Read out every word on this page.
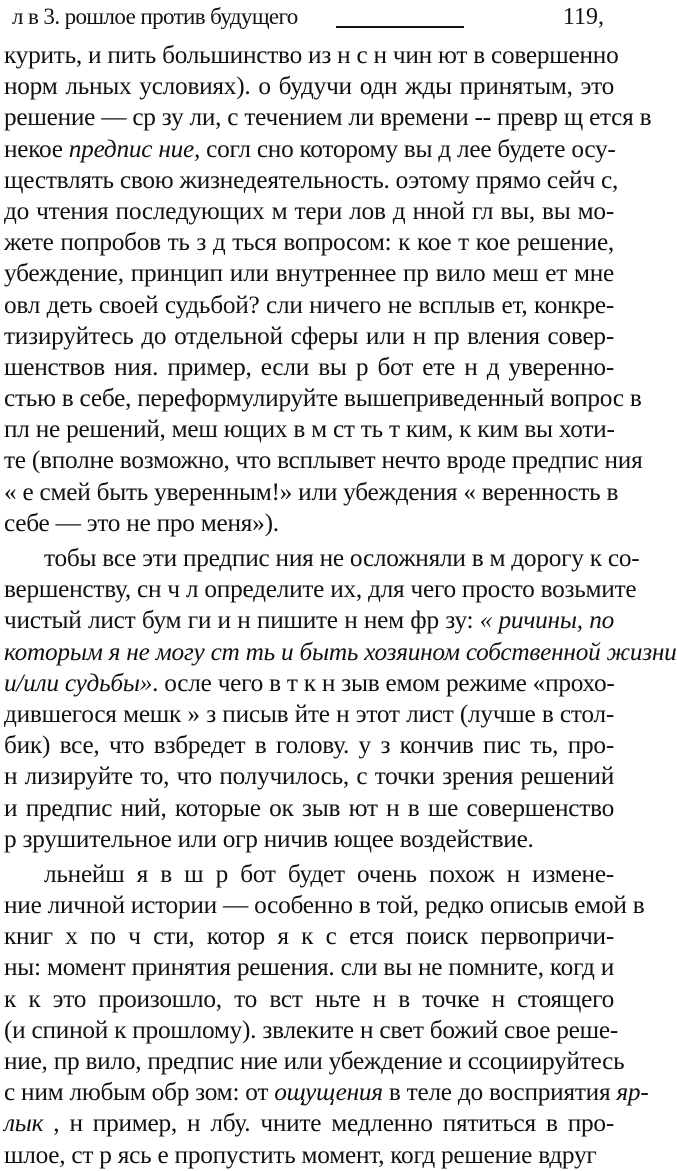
л в 3. рошлое против будущего	119,
курить, и пить большинство из н с н чин ют в совершенно
норм льных условиях). о будучи одн жды принятым, это
решение — ср зу ли, с течением ли времени -- превр щ ется в
некое предпис ние, согл сно которому вы д лее будете осу-
ществлять свою жизнедеятельность. оэтому прямо сейч с,
до чтения последующих м тери лов д нной гл вы, вы мо-
жете попробов ть з д ться вопросом: к кое т кое решение,
убеждение, принцип или внутреннее пр вило меш ет мне
овл деть своей судьбой? сли ничего не всплыв ет, конкре-
тизируйтесь до отдельной сферы или н пр вления совер-
шенствов ния. пример, если вы р бот ете н д уверенно-
стью в себе, переформулируйте вышеприведенный вопрос в
пл не решений, меш ющих в м ст ть т ким, к ким вы хоти-
те (вполне возможно, что всплывет нечто вроде предпис ния
« е смей быть уверенным!» или убеждения « веренность в
себе — это не про меня»).
тобы все эти предпис ния не осложняли в м дорогу к со-
вершенству, сн ч л определите их, для чего просто возьмите
чистый лист бум ги и н пишите н нем фр зу: « ричины, по
которым я не могу ст ть и быть хозяином собственной жизни
и/или судьбы». осле чего в т к н зыв емом режиме «прохо-
дившегося мешк » з писыв йте н этот лист (лучше в стол-
бик) все, что взбредет в голову. у з кончив пис ть, про-
н лизируйте то, что получилось, с точки зрения решений
и предпис ний, которые ок зыв ют н в ше совершенство
р зрушительное или огр ничив ющее воздействие.
льнейш я в ш р бот будет очень похож н измене-
ние личной истории — особенно в той, редко описыв емой в
книг х по ч сти, котор я к с ется поиск первопричи-
ны: момент принятия решения. сли вы не помните, когд и
к к это произошло, то вст ньте н в точке н стоящего
(и спиной к прошлому). звлеките н свет божий свое реше-
ние, пр вило, предпис ние или убеждение и ссоциируйтесь
с ним любым обр зом: от ощущения в теле до восприятия яр-
лык , н пример, н лбу. чните медленно пятиться в про-
шлое, ст р ясь е пропустить момент, когд решение вдруг
